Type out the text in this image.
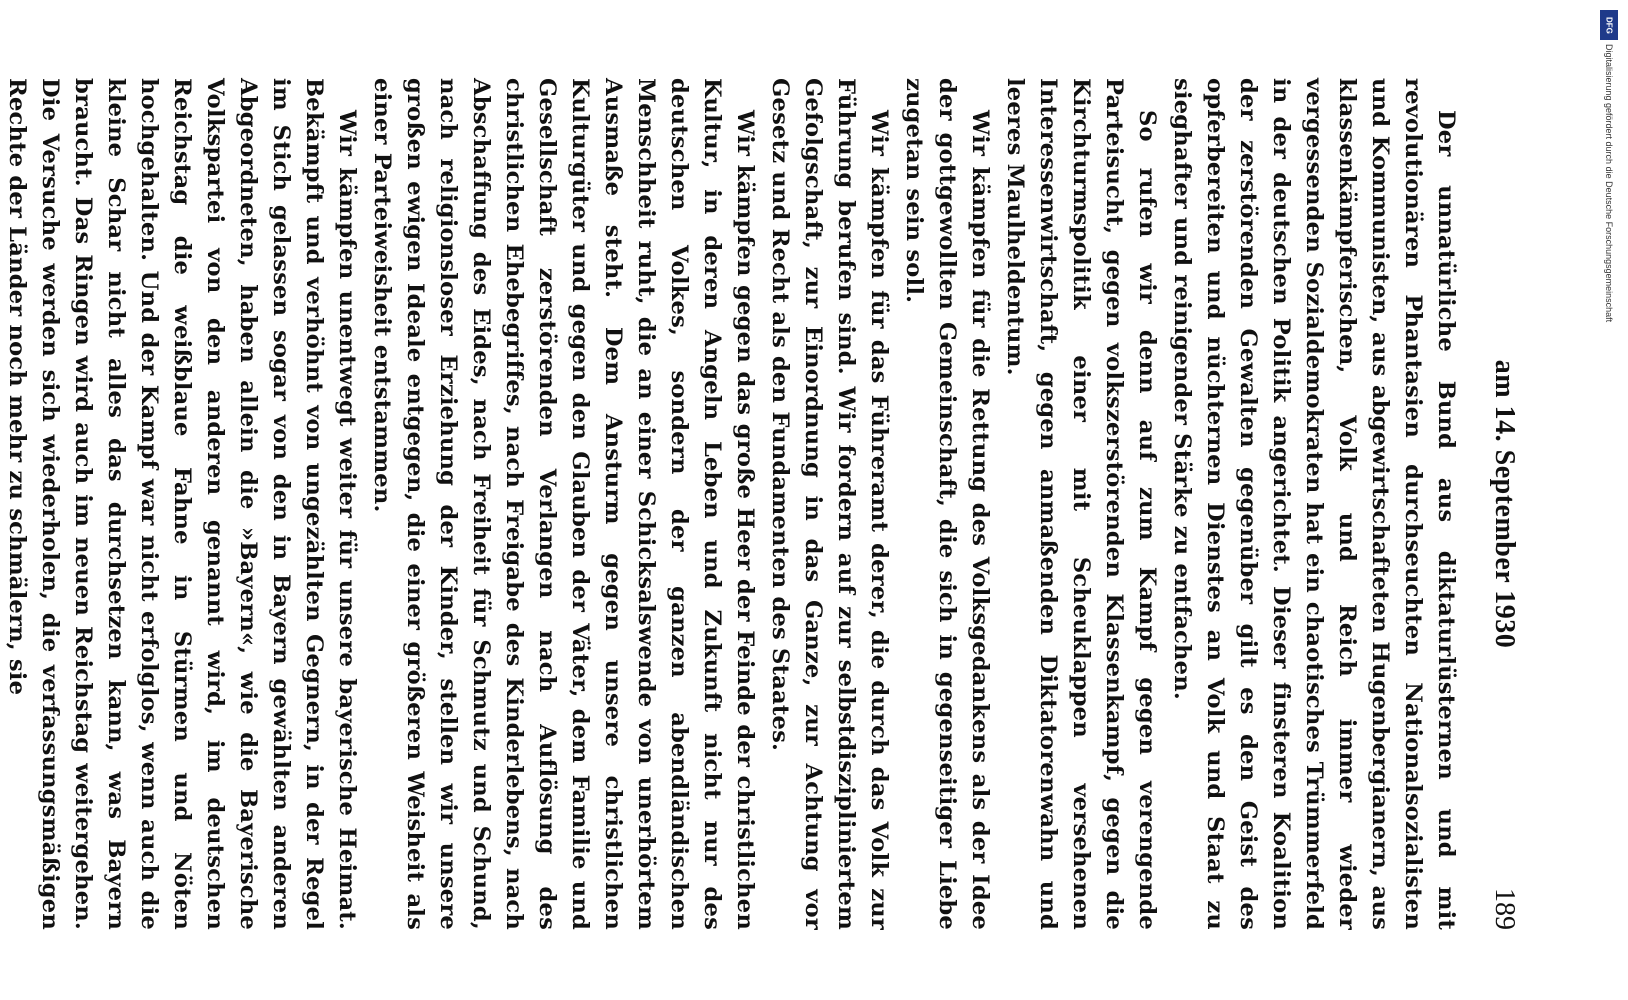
am 14. September 1930
189

Der unnatürliche Bund aus diktaturlüsternen und mit revolutionären Phantasien durchseuchten Nationalsozialisten und Kommunisten, aus abgewirtschafteten Hugenbergianern, aus klassenkämpferischen, Volk und Reich immer wieder vergessenden Sozialdemokraten hat ein chaotisches Trümmerfeld in der deutschen Politik angerichtet. Dieser finsteren Koalition der zerstörenden Gewalten gegenüber gilt es den Geist des opferbereiten und nüchternen Dienstes an Volk und Staat zu sieghafter und reinigender Stärke zu entfachen.

So rufen wir denn auf zum Kampf gegen verengende Parteisucht, gegen volkszerstörenden Klassenkampf, gegen die Kirchturmspolitik einer mit Scheuklappen versehenen Interessenwirtschaft, gegen anmaßenden Diktatorenwahn und leeres Maulheldentum.

Wir kämpfen für die Rettung des Volksgedankens als der Idee der gottgewollten Gemeinschaft, die sich in gegenseitiger Liebe zugetan sein soll.

Wir kämpfen für das Führeramt derer, die durch das Volk zur Führung berufen sind. Wir fordern auf zur selbstdiszipliniertem Gefolgschaft, zur Einordnung in das Ganze, zur Achtung vor Gesetz und Recht als den Fundamenten des Staates.

Wir kämpfen gegen das große Heer der Feinde der christlichen Kultur, in deren Angeln Leben und Zukunft nicht nur des deutschen Volkes, sondern der ganzen abendländischen Menschheit ruht, die an einer Schicksalswende von unerhörtem Ausmaße steht. Dem Ansturm gegen unsere christlichen Kulturgüter und gegen den Glauben der Väter, dem Familie und Gesellschaft zerstörenden Verlangen nach Auflösung des christlichen Ehebegriffes, nach Freigabe des Kinderlebens, nach Abschaffung des Eides, nach Freiheit für Schmutz und Schund, nach religionsloser Erziehung der Kinder, stellen wir unsere großen ewigen Ideale entgegen, die einer größeren Weisheit als einer Parteiweisheit entstammen.

Wir kämpfen unentwegt weiter für unsere bayerische Heimat. Bekämpft und verhöhnt von ungezählten Gegnern, in der Regel im Stich gelassen sogar von den in Bayern gewählten anderen Abgeordneten, haben allein die »Bayern«, wie die Bayerische Volkspartei von den anderen genannt wird, im deutschen Reichstag die weißblaue Fahne in Stürmen und Nöten hochgehalten. Und der Kampf war nicht erfolglos, wenn auch die kleine Schar nicht alles das durchsetzen kann, was Bayern braucht. Das Ringen wird auch im neuen Reichstag weitergehen. Die Versuche werden sich wiederholen, die verfassungsmäßigen Rechte der Länder noch mehr zu schmälern, sie

DFG
Digitalisierung gefördert durch die Deutsche Forschungsgemeinschaft
